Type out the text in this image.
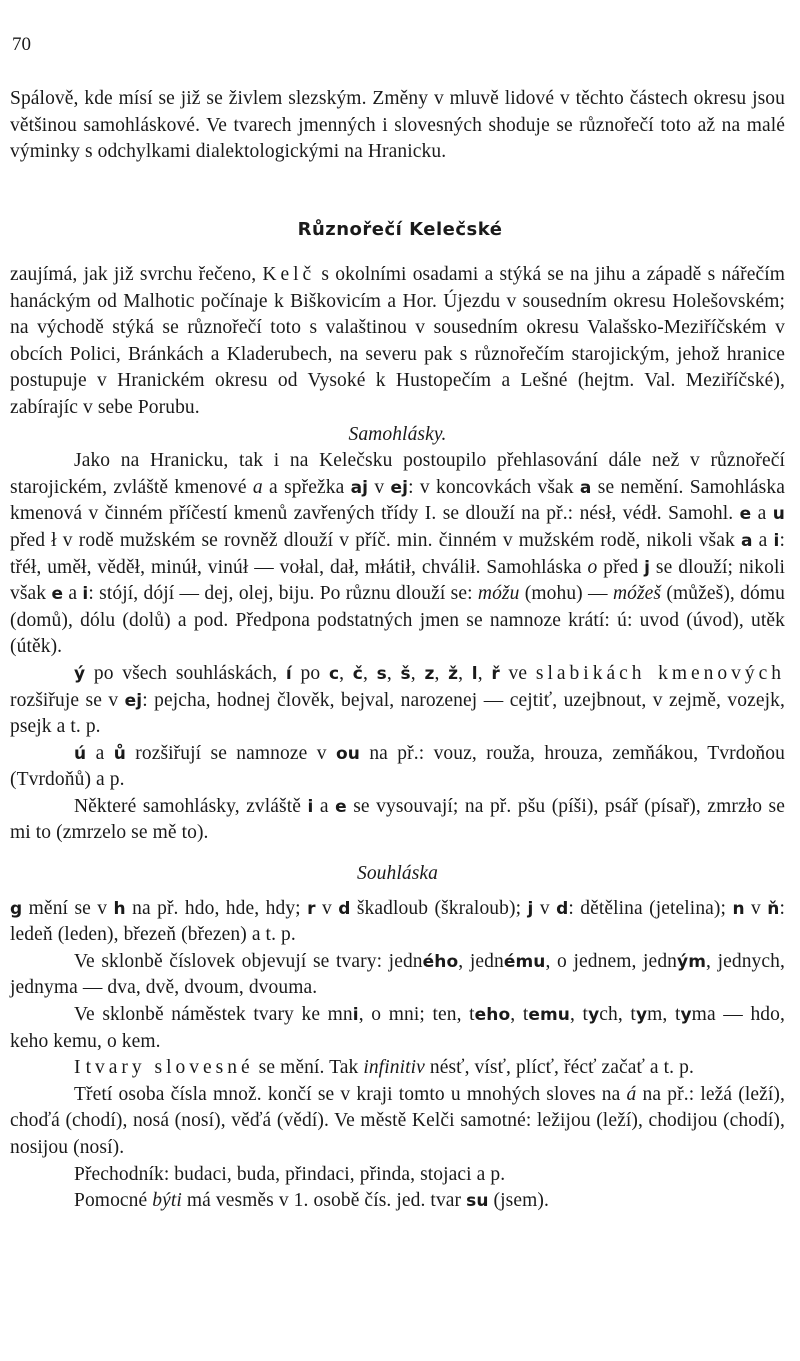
70

Spálově, kde mísí se již se živlem slezským. Změny v mluvě lidové v těchto částech okresu jsou většinou samohláskové. Ve tvarech jmenných i slovesných shoduje se různořečí toto až na malé výminky s odchylkami dialektologickými na Hranicku.

Různořečí Kelečské

zaujímá, jak již svrchu řečeno, Kelč s okolními osadami a stýká se na jihu a západě s nářečím hanáckým od Malhotic počínaje k Biškovicím a Hor. Újezdu v sousedním okresu Holešovském; na východě stýká se různořečí toto s valaštinou v sousedním okresu Valašsko-Meziříčském v obcích Polici, Bránkách a Kladerubech, na severu pak s různořečím starojickým, jehož hranice postupuje v Hranickém okresu od Vysoké k Hustopečím a Lešné (hejtm. Val. Meziříčské), zabírajíc v sebe Porubu.

Samohlásky.

Jako na Hranicku, tak i na Kelečsku postoupilo přehlasování dále než v různořečí starojickém, zvláště kmenové a a spřežka aj v ej: v koncovkách však a se nemění. Samohláska kmenová v činném příčestí kmenů zavřených třídy I. se dlouží na př.: nésł, védł. Samohl. e a u před ł v rodě mužském se rovněž dlouží v příč. min. činném v mužském rodě, nikoli však a a i: třéł, uměł, věděł, minúł, vinúł — vołal, dał, młátił, chválił. Samohláska o před j se dlouží; nikoli však e a i: stójí, dójí — dej, olej, biju. Po různu dlouží se: móžu (mohu) — móžeš (můžeš), dómu (domů), dólu (dolů) a pod. Předpona podstatných jmen se namnoze krátí: ú: uvod (úvod), utěk (útěk).

ý po všech souhláskách, í po c, č, s, š, z, ž, l, ř ve slabikách kmenových rozšiřuje se v ej: pejcha, hodnej člověk, bejval, narozenej — cejtiť, uzejbnout, v zejmě, vozejk, psejk a t. p.

ú a ů rozšiřují se namnoze v ou na př.: vouz, rouža, hrouza, zemňákou, Tvrdoňou (Tvrdoňů) a p.

Některé samohlásky, zvláště i a e se vysouvají; na př. pšu (píši), psář (písař), zmrzło se mi to (zmrzelo se mě to).

Souhláska

g mění se v h na př. hdo, hde, hdy; r v d škadloub (škraloub); j v d: dětělina (jetelina); n v ň: ledeň (leden), březeň (březen) a t. p.

Ve sklonbě číslovek objevují se tvary: jedného, jednému, o jednem, jedným, jednych, jednyma — dva, dvě, dvoum, dvouma.

Ve sklonbě náměstek tvary ke mni, o mni; ten, teho, temu, tych, tym, tyma — hdo, keho kemu, o kem.

I tvary slovesné se mění. Tak infinitiv nésť, vísť, plícť, řécť začať a t. p.

Třetí osoba čísla množ. končí se v kraji tomto u mnohých sloves na á na př.: ležá (leží), choďá (chodí), nosá (nosí), věďá (vědí). Ve městě Kelči samotné: ležijou (leží), chodijou (chodí), nosijou (nosí).

Přechodník: budaci, buda, přindaci, přinda, stojaci a p.

Pomocné býti má vesměs v 1. osobě čís. jed. tvar su (jsem).
